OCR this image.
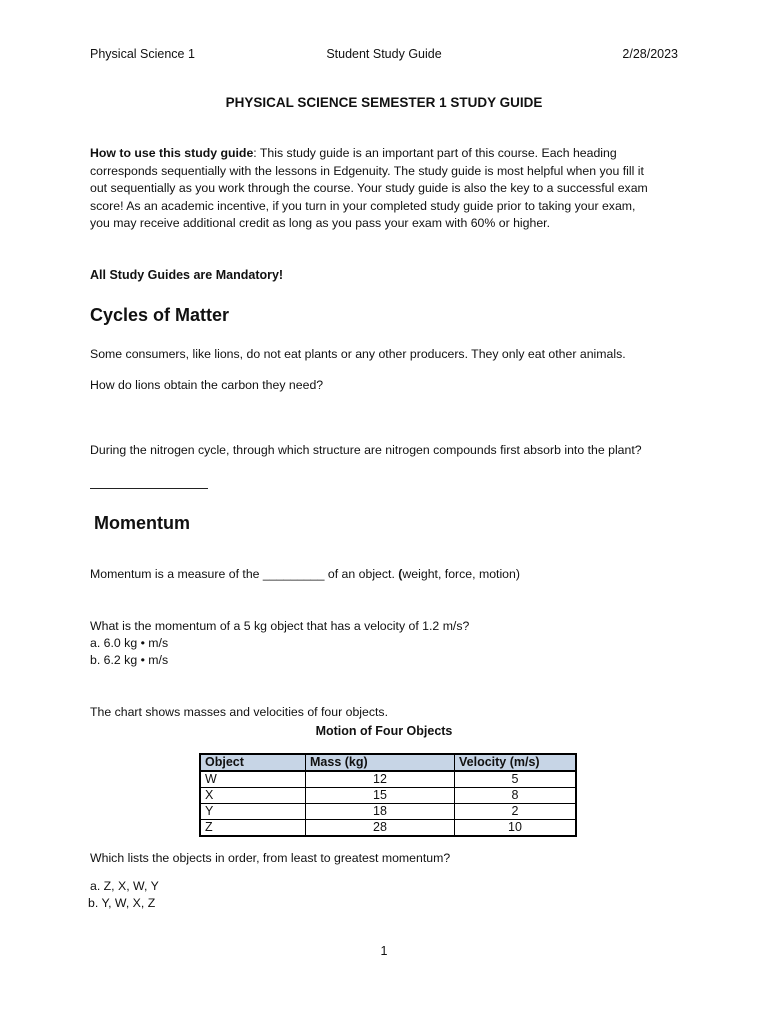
Physical Science 1	Student Study Guide	2/28/2023
PHYSICAL SCIENCE SEMESTER 1 STUDY GUIDE
How to use this study guide: This study guide is an important part of this course. Each heading corresponds sequentially with the lessons in Edgenuity. The study guide is most helpful when you fill it out sequentially as you work through the course. Your study guide is also the key to a successful exam score! As an academic incentive, if you turn in your completed study guide prior to taking your exam, you may receive additional credit as long as you pass your exam with 60% or higher.
All Study Guides are Mandatory!
Cycles of Matter
Some consumers, like lions, do not eat plants or any other producers. They only eat other animals.
How do lions obtain the carbon they need?
During the nitrogen cycle, through which structure are nitrogen compounds first absorb into the plant?
Momentum
Momentum is a measure of the _________ of an object. (weight, force, motion)
What is the momentum of a 5 kg object that has a velocity of 1.2 m/s?
a. 6.0 kg • m/s
b. 6.2 kg • m/s
The chart shows masses and velocities of four objects.
Motion of Four Objects
Object	Mass (kg)	Velocity (m/s)
W	12	5
X	15	8
Y	18	2
Z	28	10
Which lists the objects in order, from least to greatest momentum?
a. Z, X, W, Y
b. Y, W, X, Z
1
